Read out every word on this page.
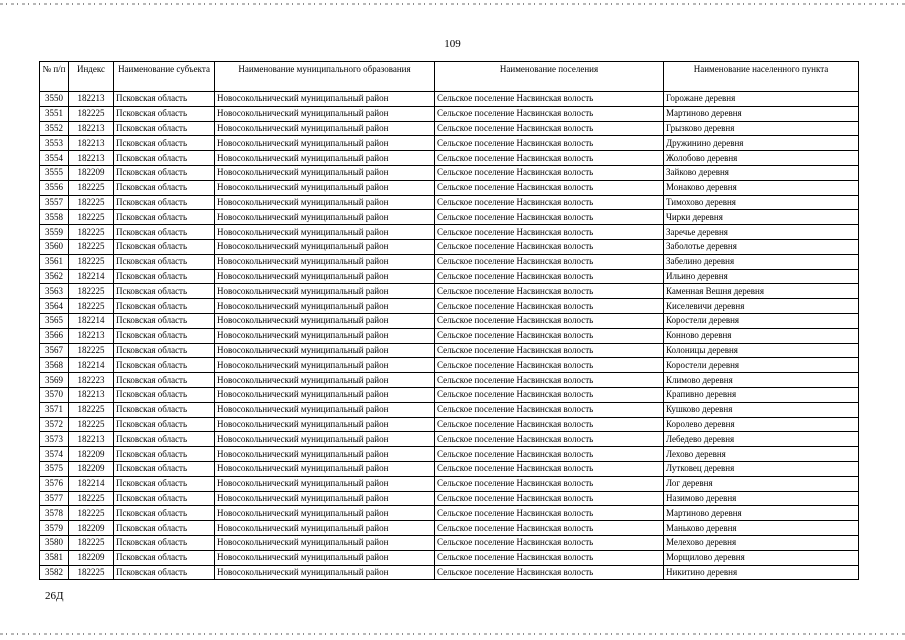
109
№ п/п	Индекс	Наименование субъекта	Наименование муниципального образования	Наименование поселения	Наименование населенного пункта
3550	182213	Псковская область	Новосокольнический муниципальный район	Сельское поселение Насвинская волость	Горожане деревня
3551	182225	Псковская область	Новосокольнический муниципальный район	Сельское поселение Насвинская волость	Мартиново деревня
3552	182213	Псковская область	Новосокольнический муниципальный район	Сельское поселение Насвинская волость	Грызково деревня
3553	182213	Псковская область	Новосокольнический муниципальный район	Сельское поселение Насвинская волость	Дружинино деревня
3554	182213	Псковская область	Новосокольнический муниципальный район	Сельское поселение Насвинская волость	Жолобово деревня
3555	182209	Псковская область	Новосокольнический муниципальный район	Сельское поселение Насвинская волость	Зайково деревня
3556	182225	Псковская область	Новосокольнический муниципальный район	Сельское поселение Насвинская волость	Монаково деревня
3557	182225	Псковская область	Новосокольнический муниципальный район	Сельское поселение Насвинская волость	Тимохово деревня
3558	182225	Псковская область	Новосокольнический муниципальный район	Сельское поселение Насвинская волость	Чирки деревня
3559	182225	Псковская область	Новосокольнический муниципальный район	Сельское поселение Насвинская волость	Заречье деревня
3560	182225	Псковская область	Новосокольнический муниципальный район	Сельское поселение Насвинская волость	Заболотье деревня
3561	182225	Псковская область	Новосокольнический муниципальный район	Сельское поселение Насвинская волость	Забелино деревня
3562	182214	Псковская область	Новосокольнический муниципальный район	Сельское поселение Насвинская волость	Ильино деревня
3563	182225	Псковская область	Новосокольнический муниципальный район	Сельское поселение Насвинская волость	Каменная Вешня деревня
3564	182225	Псковская область	Новосокольнический муниципальный район	Сельское поселение Насвинская волость	Киселевичи деревня
3565	182214	Псковская область	Новосокольнический муниципальный район	Сельское поселение Насвинская волость	Коростели деревня
3566	182213	Псковская область	Новосокольнический муниципальный район	Сельское поселение Насвинская волость	Конново деревня
3567	182225	Псковская область	Новосокольнический муниципальный район	Сельское поселение Насвинская волость	Колоницы деревня
3568	182214	Псковская область	Новосокольнический муниципальный район	Сельское поселение Насвинская волость	Коростели деревня
3569	182223	Псковская область	Новосокольнический муниципальный район	Сельское поселение Насвинская волость	Климово деревня
3570	182213	Псковская область	Новосокольнический муниципальный район	Сельское поселение Насвинская волость	Крапивно деревня
3571	182225	Псковская область	Новосокольнический муниципальный район	Сельское поселение Насвинская волость	Кушково деревня
3572	182225	Псковская область	Новосокольнический муниципальный район	Сельское поселение Насвинская волость	Королево деревня
3573	182213	Псковская область	Новосокольнический муниципальный район	Сельское поселение Насвинская волость	Лебедево деревня
3574	182209	Псковская область	Новосокольнический муниципальный район	Сельское поселение Насвинская волость	Лехово деревня
3575	182209	Псковская область	Новосокольнический муниципальный район	Сельское поселение Насвинская волость	Лутковец деревня
3576	182214	Псковская область	Новосокольнический муниципальный район	Сельское поселение Насвинская волость	Лог деревня
3577	182225	Псковская область	Новосокольнический муниципальный район	Сельское поселение Насвинская волость	Назимово деревня
3578	182225	Псковская область	Новосокольнический муниципальный район	Сельское поселение Насвинская волость	Мартиново деревня
3579	182209	Псковская область	Новосокольнический муниципальный район	Сельское поселение Насвинская волость	Маньково деревня
3580	182225	Псковская область	Новосокольнический муниципальный район	Сельское поселение Насвинская волость	Мелехово деревня
3581	182209	Псковская область	Новосокольнический муниципальный район	Сельское поселение Насвинская волость	Морщилово деревня
3582	182225	Псковская область	Новосокольнический муниципальный район	Сельское поселение Насвинская волость	Никитино деревня
26Д
